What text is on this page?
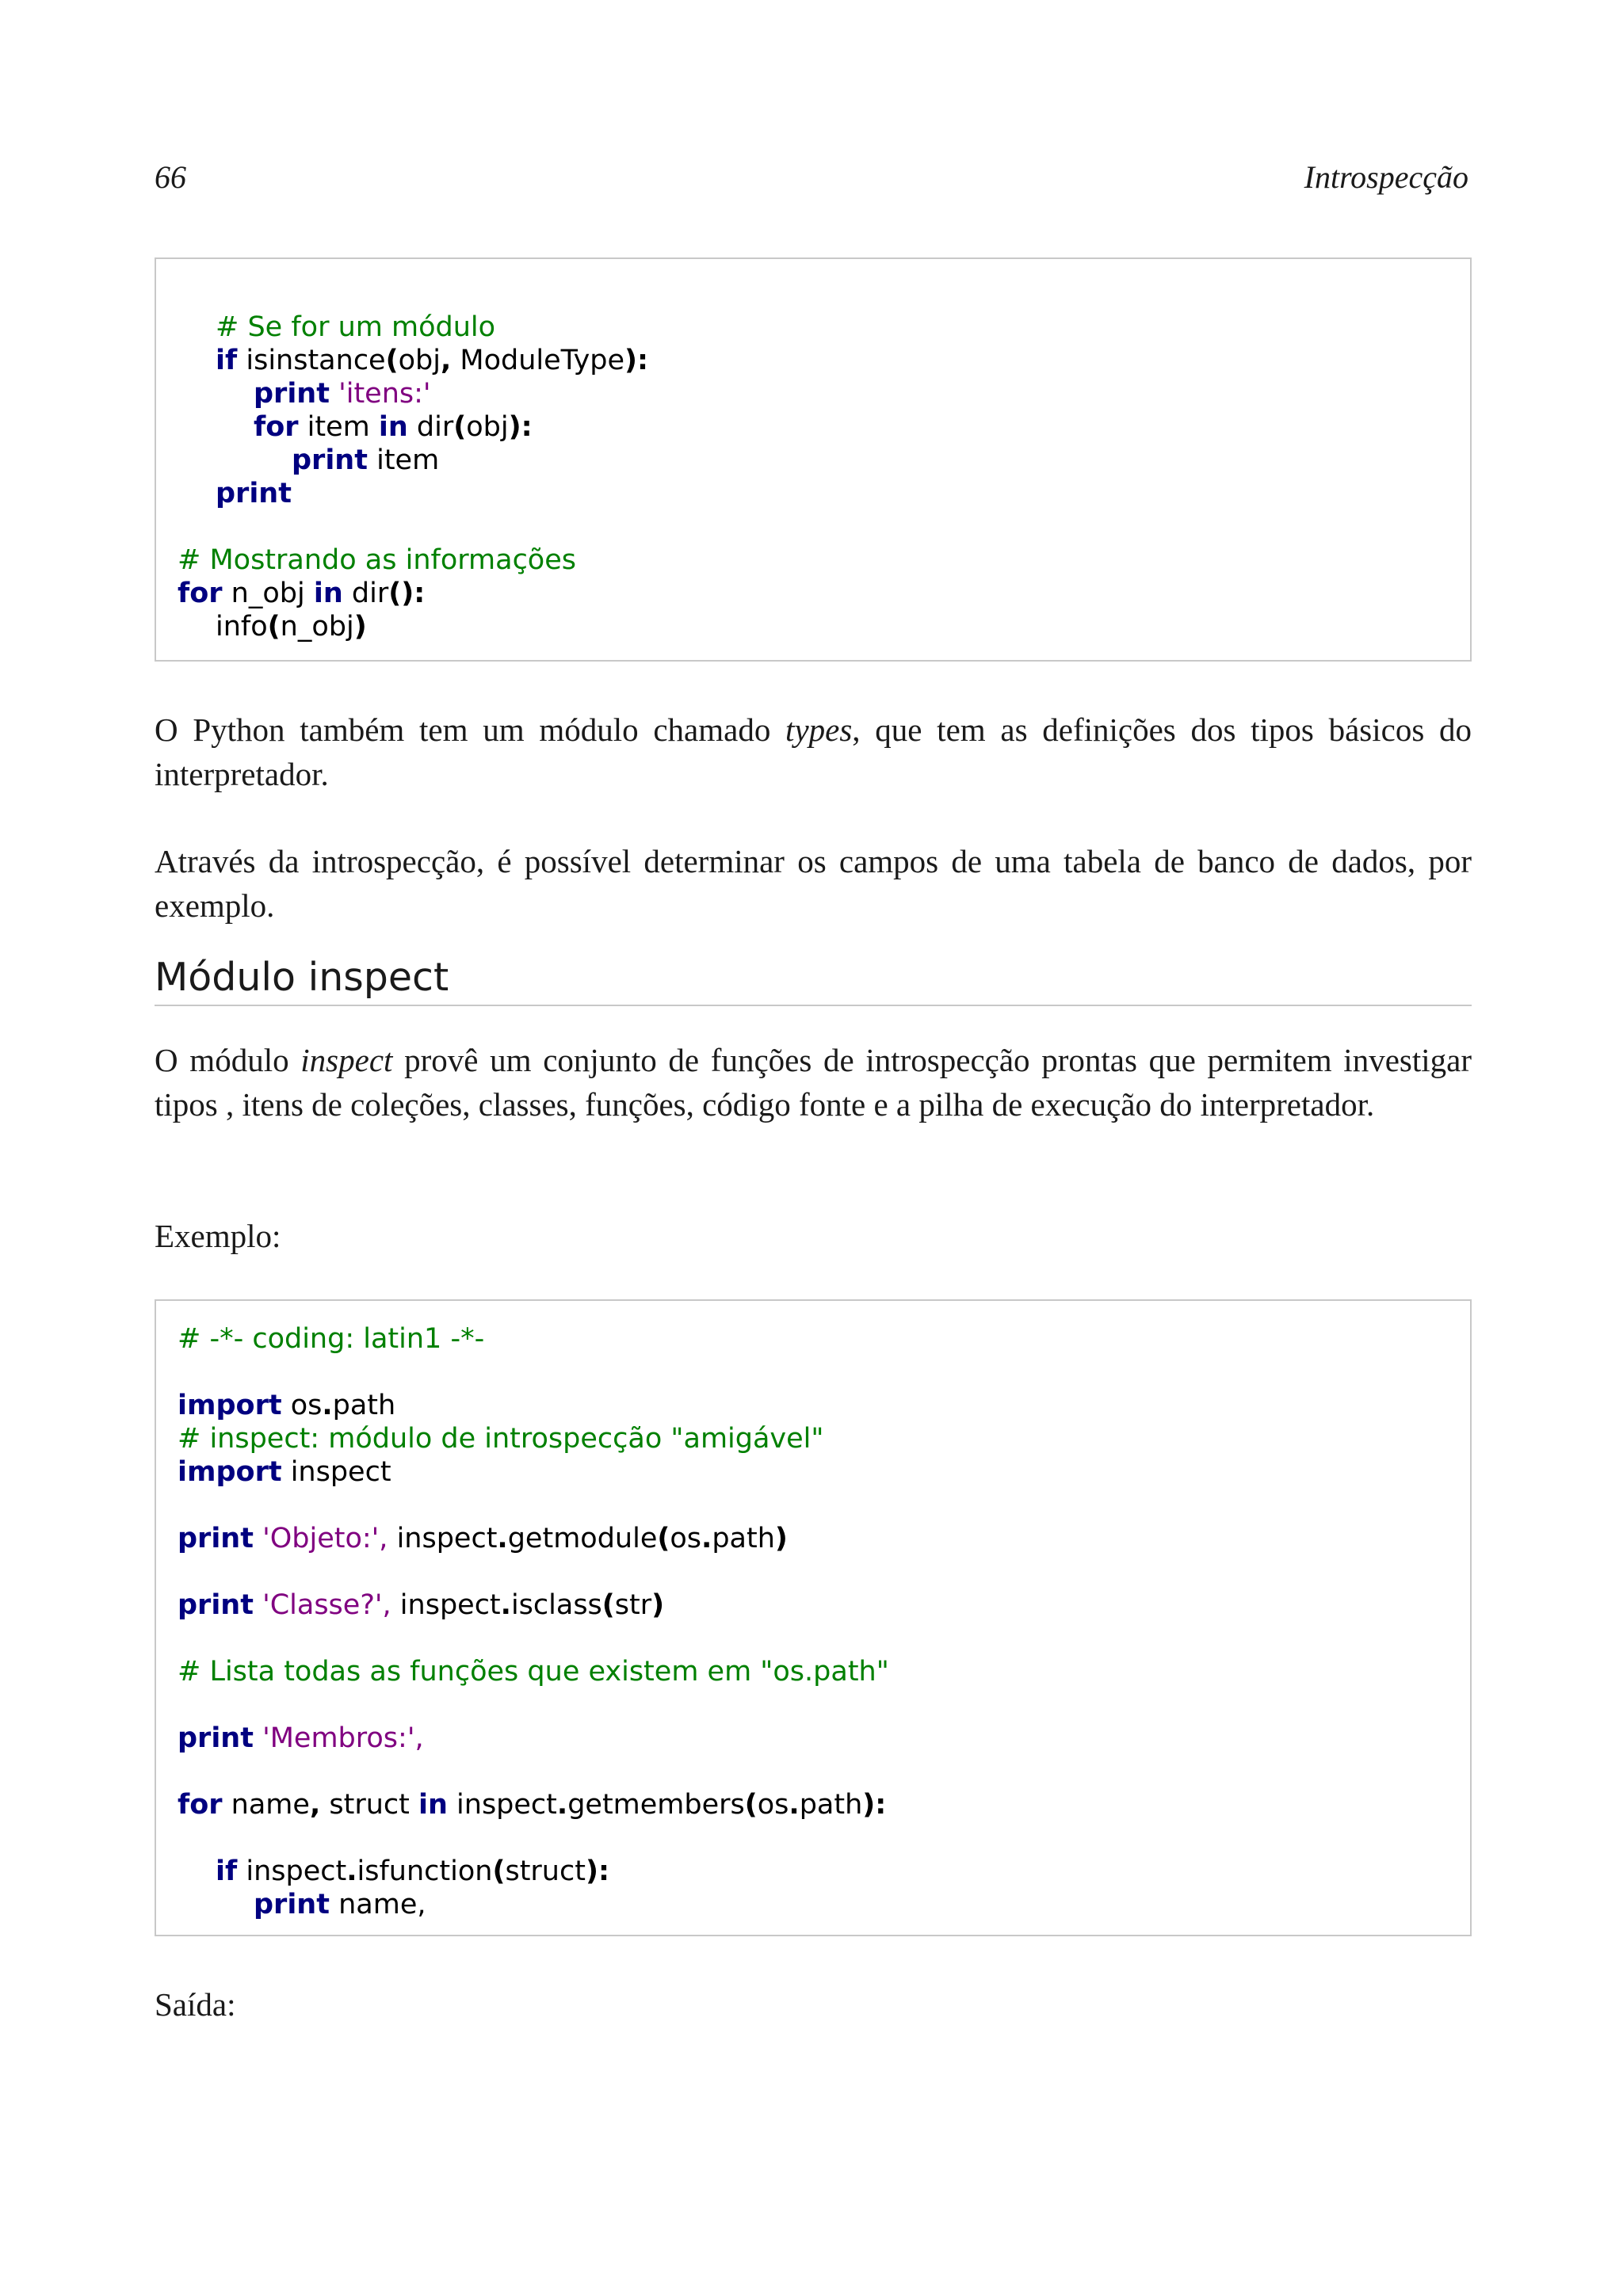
66	Introspecção
# Se for um módulo
if isinstance(obj, ModuleType):
print 'itens:'
for item in dir(obj):
print item
print
# Mostrando as informações
for n_obj in dir():
info(n_obj)

O Python também tem um módulo chamado types, que tem as definições dos tipos básicos do interpretador.

Através da introspecção, é possível determinar os campos de uma tabela de banco de dados, por exemplo.

Módulo inspect

O módulo inspect provê um conjunto de funções de introspecção prontas que permitem investigar tipos , itens de coleções, classes, funções, código fonte e a pilha de execução do interpretador.

Exemplo:

# -*- coding: latin1 -*-
import os.path
# inspect: módulo de introspecção "amigável"
import inspect
print 'Objeto:', inspect.getmodule(os.path)
print 'Classe?', inspect.isclass(str)
# Lista todas as funções que existem em "os.path"
print 'Membros:',
for name, struct in inspect.getmembers(os.path):
if inspect.isfunction(struct):
print name,

Saída:
